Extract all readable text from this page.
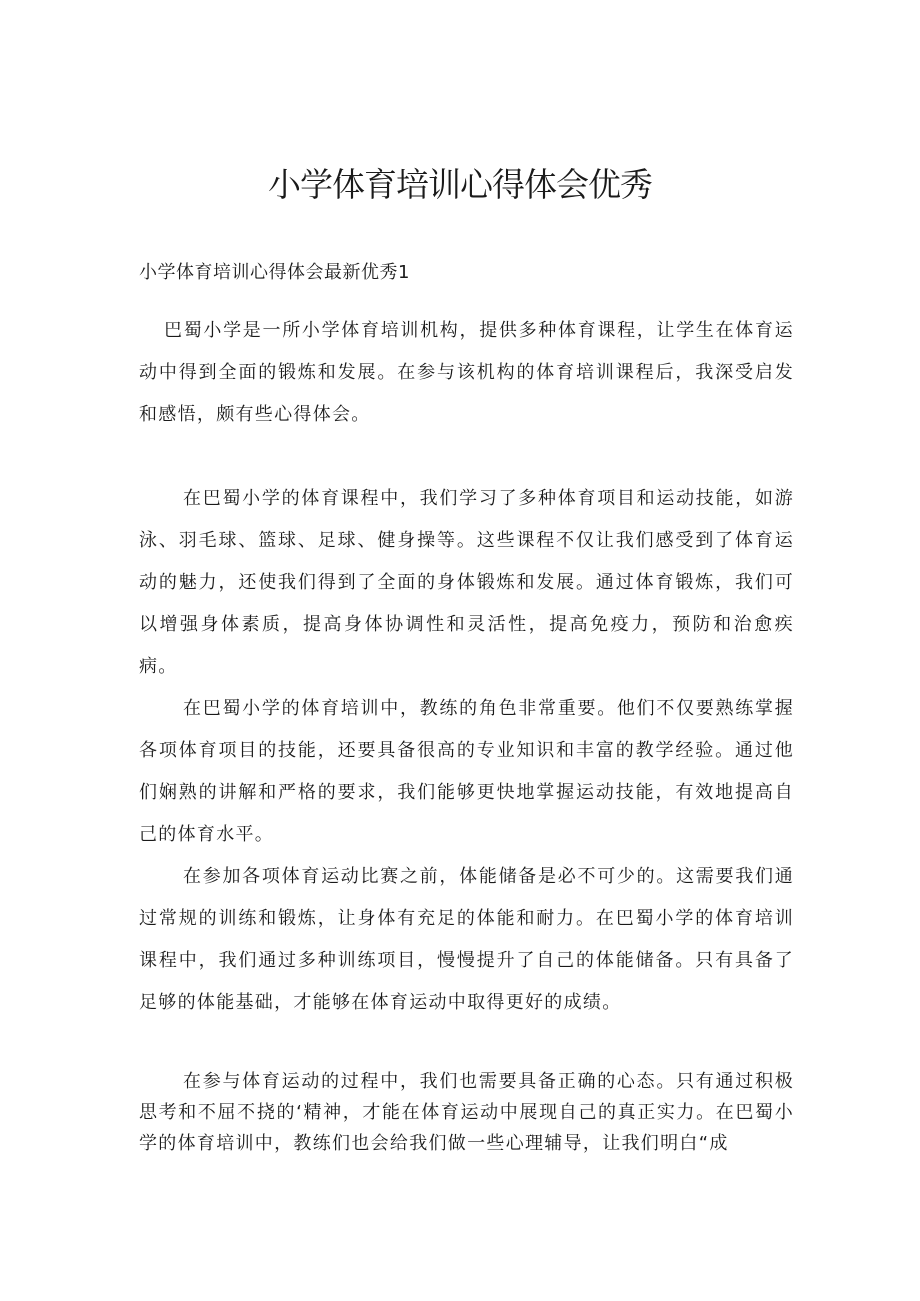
小学体育培训心得体会优秀

小学体育培训心得体会最新优秀1

巴蜀小学是一所小学体育培训机构，提供多种体育课程，让学生在体育运动中得到全面的锻炼和发展。在参与该机构的体育培训课程后，我深受启发和感悟，颇有些心得体会。

在巴蜀小学的体育课程中，我们学习了多种体育项目和运动技能，如游泳、羽毛球、篮球、足球、健身操等。这些课程不仅让我们感受到了体育运动的魅力，还使我们得到了全面的身体锻炼和发展。通过体育锻炼，我们可以增强身体素质，提高身体协调性和灵活性，提高免疫力，预防和治愈疾病。

在巴蜀小学的体育培训中，教练的角色非常重要。他们不仅要熟练掌握各项体育项目的技能，还要具备很高的专业知识和丰富的教学经验。通过他们娴熟的讲解和严格的要求，我们能够更快地掌握运动技能，有效地提高自己的体育水平。

在参加各项体育运动比赛之前，体能储备是必不可少的。这需要我们通过常规的训练和锻炼，让身体有充足的体能和耐力。在巴蜀小学的体育培训课程中，我们通过多种训练项目，慢慢提升了自己的体能储备。只有具备了足够的体能基础，才能够在体育运动中取得更好的成绩。

在参与体育运动的过程中，我们也需要具备正确的心态。只有通过积极思考和不屈不挠的‘精神，才能在体育运动中展现自己的真正实力。在巴蜀小学的体育培训中，教练们也会给我们做一些心理辅导，让我们明白“成
